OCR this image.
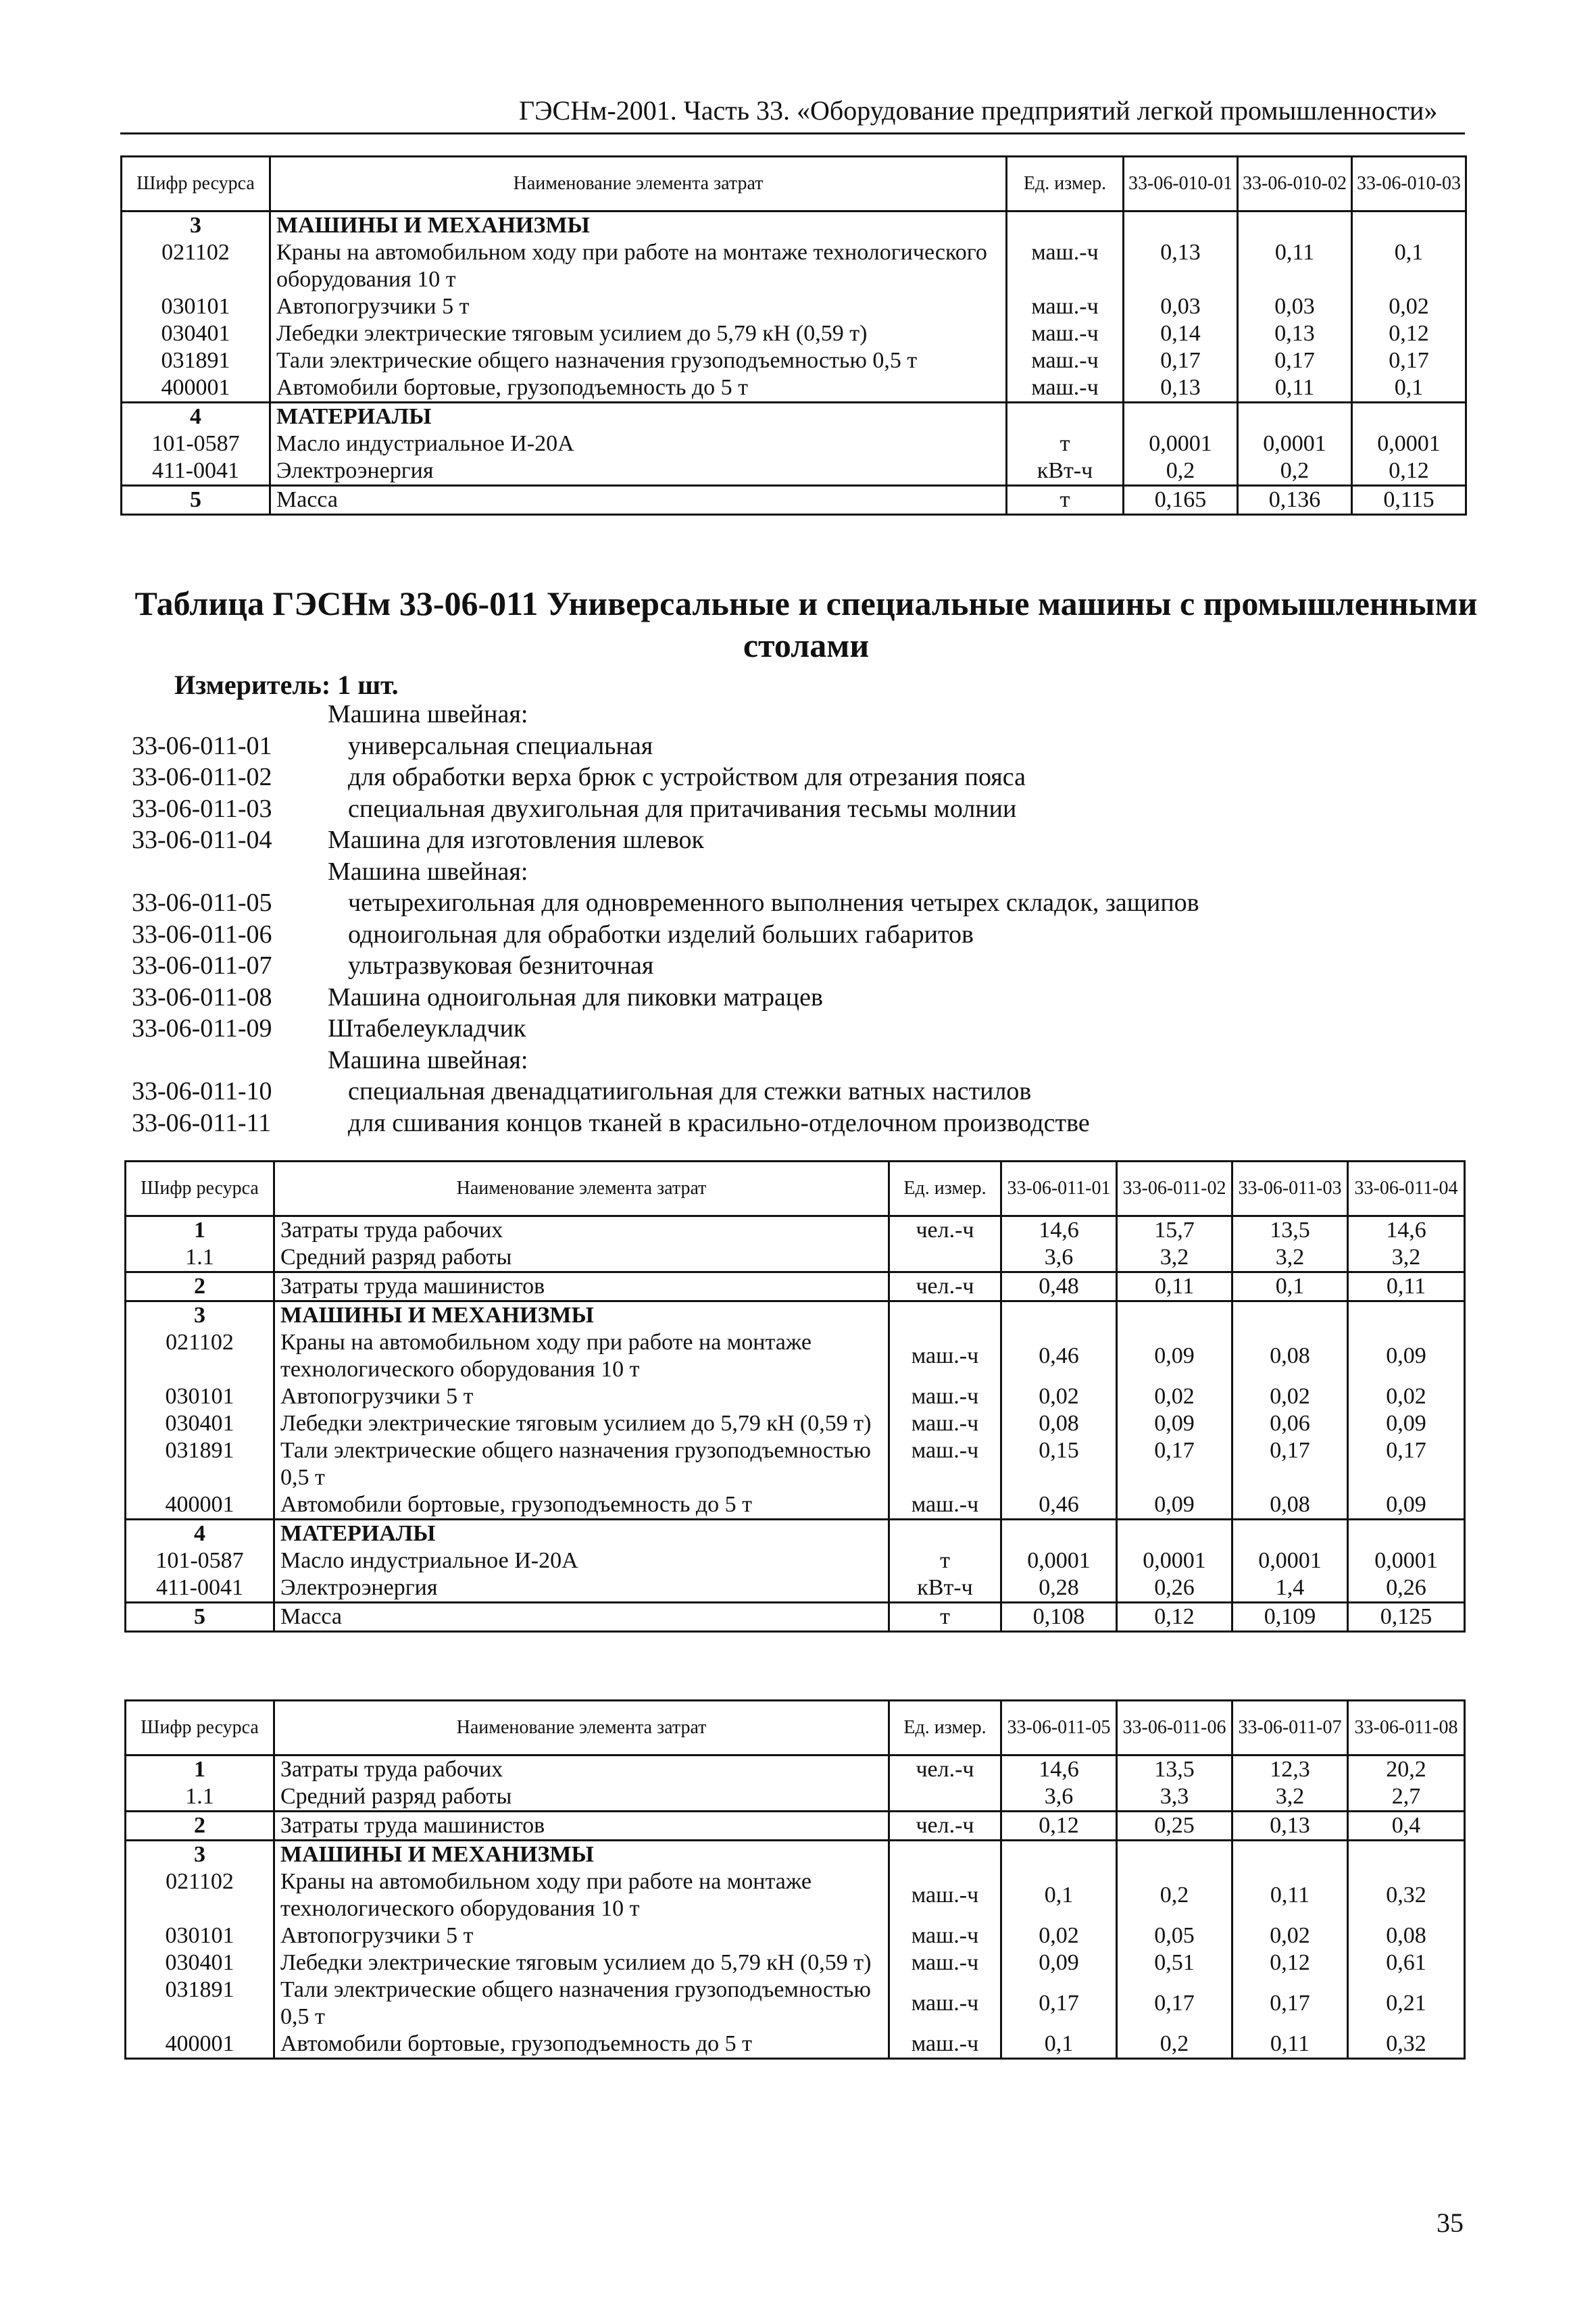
ГЭСНм-2001. Часть 33. «Оборудование предприятий легкой промышленности»
Шифр ресурса	Наименование элемента затрат	Ед. измер.	33-06-010-01	33-06-010-02	33-06-010-03
3	МАШИНЫ И МЕХАНИЗМЫ				
021102	Краны на автомобильном ходу при работе на монтаже технологического оборудования 10 т	маш.-ч	0,13	0,11	0,1
030101	Автопогрузчики 5 т	маш.-ч	0,03	0,03	0,02
030401	Лебедки электрические тяговым усилием до 5,79 кН (0,59 т)	маш.-ч	0,14	0,13	0,12
031891	Тали электрические общего назначения грузоподъемностью 0,5 т	маш.-ч	0,17	0,17	0,17
400001	Автомобили бортовые, грузоподъемность до 5 т	маш.-ч	0,13	0,11	0,1
4	МАТЕРИАЛЫ				
101-0587	Масло индустриальное И-20А	т	0,0001	0,0001	0,0001
411-0041	Электроэнергия	кВт-ч	0,2	0,2	0,12
5	Масса	т	0,165	0,136	0,115
Таблица ГЭСНм 33-06-011 Универсальные и специальные машины с промышленными столами
Измеритель: 1 шт.
Машина швейная:
33-06-011-01	универсальная специальная
33-06-011-02	для обработки верха брюк с устройством для отрезания пояса
33-06-011-03	специальная двухигольная для притачивания тесьмы молнии
33-06-011-04 Машина для изготовления шлевок
Машина швейная:
33-06-011-05	четырехигольная для одновременного выполнения четырех складок, защипов
33-06-011-06	одноигольная для обработки изделий больших габаритов
33-06-011-07	ультразвуковая безниточная
33-06-011-08 Машина одноигольная для пиковки матрацев
33-06-011-09 Штабелеукладчик
Машина швейная:
33-06-011-10	специальная двенадцатиигольная для стежки ватных настилов
33-06-011-11	для сшивания концов тканей в красильно-отделочном производстве
Шифр ресурса	Наименование элемента затрат	Ед. измер.	33-06-011-01	33-06-011-02	33-06-011-03	33-06-011-04
1	Затраты труда рабочих	чел.-ч	14,6	15,7	13,5	14,6
1.1	Средний разряд работы		3,6	3,2	3,2	3,2
2	Затраты труда машинистов	чел.-ч	0,48	0,11	0,1	0,11
3	МАШИНЫ И МЕХАНИЗМЫ					
021102	Краны на автомобильном ходу при работе на монтаже технологического оборудования 10 т	маш.-ч	0,46	0,09	0,08	0,09
030101	Автопогрузчики 5 т	маш.-ч	0,02	0,02	0,02	0,02
030401	Лебедки электрические тяговым усилием до 5,79 кН (0,59 т)	маш.-ч	0,08	0,09	0,06	0,09
031891	Тали электрические общего назначения грузоподъемностью 0,5 т	маш.-ч	0,15	0,17	0,17	0,17
400001	Автомобили бортовые, грузоподъемность до 5 т	маш.-ч	0,46	0,09	0,08	0,09
4	МАТЕРИАЛЫ					
101-0587	Масло индустриальное И-20А	т	0,0001	0,0001	0,0001	0,0001
411-0041	Электроэнергия	кВт-ч	0,28	0,26	1,4	0,26
5	Масса	т	0,108	0,12	0,109	0,125
Шифр ресурса	Наименование элемента затрат	Ед. измер.	33-06-011-05	33-06-011-06	33-06-011-07	33-06-011-08
1	Затраты труда рабочих	чел.-ч	14,6	13,5	12,3	20,2
1.1	Средний разряд работы		3,6	3,3	3,2	2,7
2	Затраты труда машинистов	чел.-ч	0,12	0,25	0,13	0,4
3	МАШИНЫ И МЕХАНИЗМЫ					
021102	Краны на автомобильном ходу при работе на монтаже технологического оборудования 10 т	маш.-ч	0,1	0,2	0,11	0,32
030101	Автопогрузчики 5 т	маш.-ч	0,02	0,05	0,02	0,08
030401	Лебедки электрические тяговым усилием до 5,79 кН (0,59 т)	маш.-ч	0,09	0,51	0,12	0,61
031891	Тали электрические общего назначения грузоподъемностью 0,5 т	маш.-ч	0,17	0,17	0,17	0,21
400001	Автомобили бортовые, грузоподъемность до 5 т	маш.-ч	0,1	0,2	0,11	0,32
35
